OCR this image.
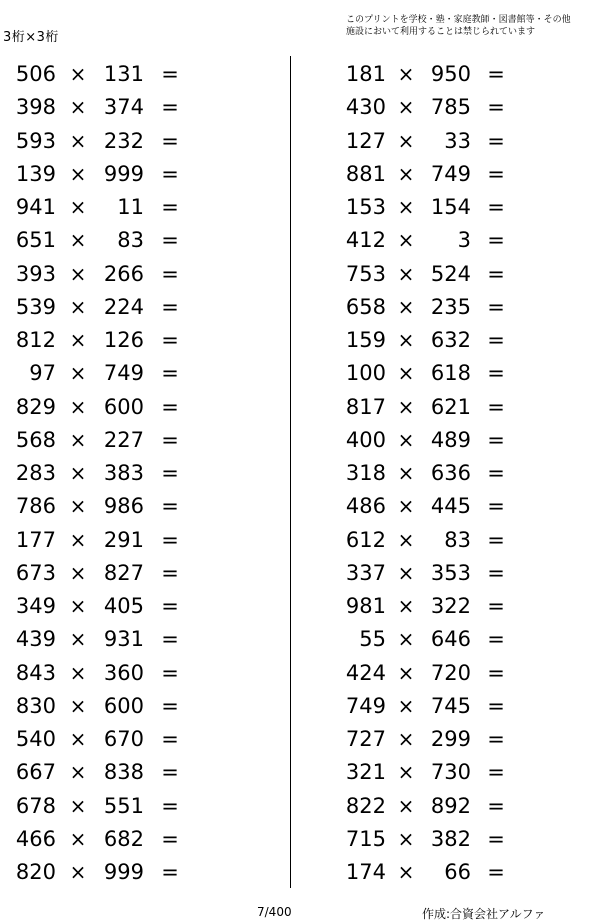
3桁×3桁
このプリントを学校・塾・家庭教師・図書館等・その他
施設において利用することは禁じられています
506 × 131 =
398 × 374 =
593 × 232 =
139 × 999 =
941 ×	11 =
651 ×	83 =
393 × 266 =
539 × 224 =
812 × 126 =
97 × 749 =
829 × 600 =
568 × 227 =
283 × 383 =
786 × 986 =
177 × 291 =
673 × 827 =
349 × 405 =
439 × 931 =
843 × 360 =
830 × 600 =
540 × 670 =
667 × 838 =
678 × 551 =
466 × 682 =
820 × 999 =
181 × 950 =
430 × 785 =
127 ×	33 =
881 × 749 =
153 × 154 =
412 ×	3 =
753 × 524 =
658 × 235 =
159 × 632 =
100 × 618 =
817 × 621 =
400 × 489 =
318 × 636 =
486 × 445 =
612 ×	83 =
337 × 353 =
981 × 322 =
55 × 646 =
424 × 720 =
749 × 745 =
727 × 299 =
321 × 730 =
822 × 892 =
715 × 382 =
174 ×	66 =
7/400	作成:合資会社アルファ
